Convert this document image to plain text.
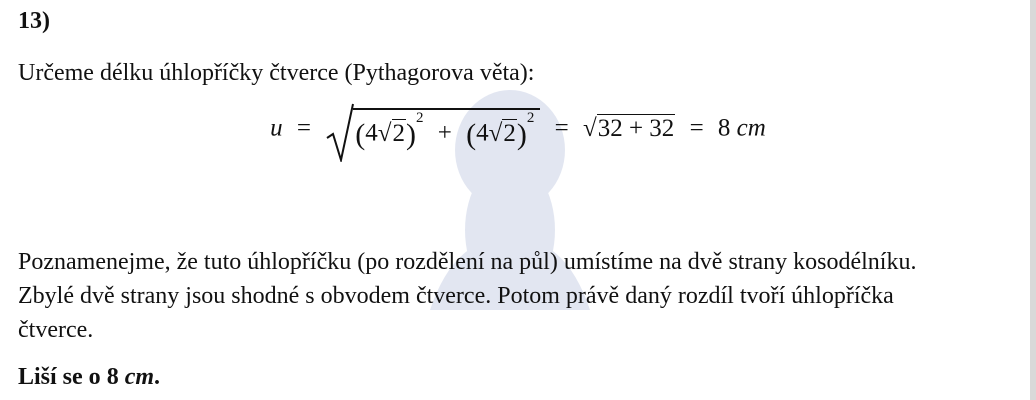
13)
Určeme délku úhlopříčky čtverce (Pythagorova věta):
$u = (4√2)^2 + (4√2)^2 = √32 + 32 = 8$ cm
Poznamenejme, že tuto úhlopříčku (po rozdělení na půl) umístíme na dvě strany kosodélníku.
Zbylé dvě strany jsou shodné s obvodem čtverce. Potom právě daný rozdíl tvoří úhlopříčka
čtverce.
Liší se o 8 cm.
